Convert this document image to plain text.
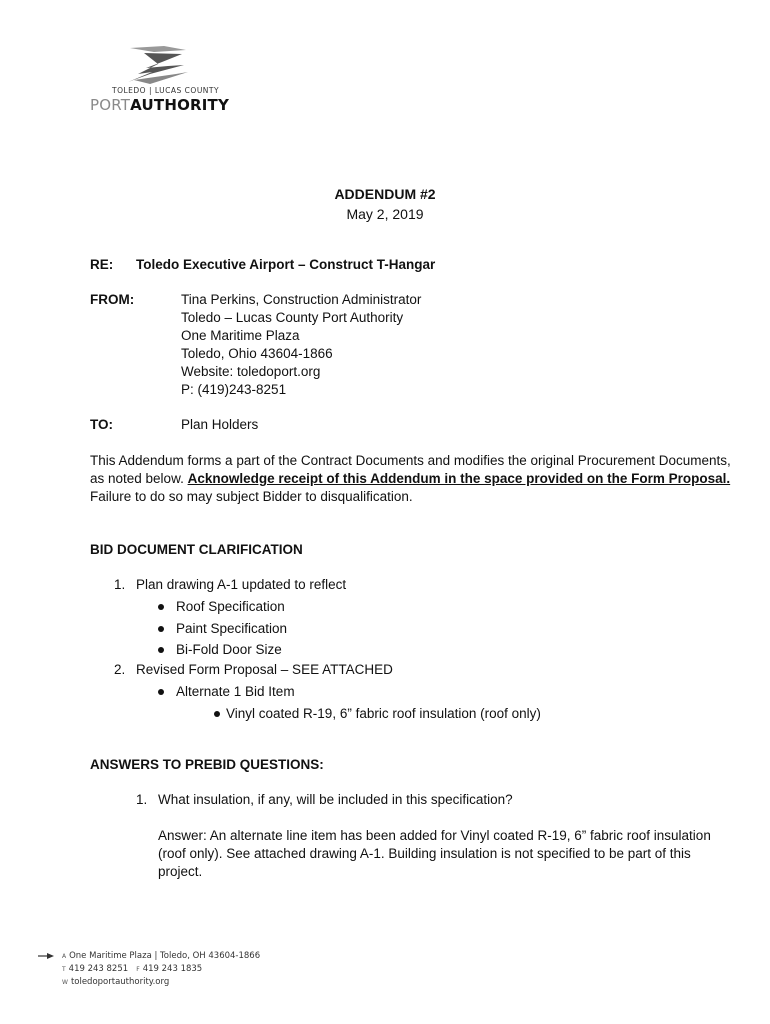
TOLEDO | LUCAS COUNTY
PORTAUTHORITY
ADDENDUM #2
May 2, 2019
RE: Toledo Executive Airport – Construct T-Hangar
FROM:	Tina Perkins, Construction Administrator
Toledo – Lucas County Port Authority
One Maritime Plaza
Toledo, Ohio 43604-1866
Website: toledoport.org
P: (419)243-8251
TO:	Plan Holders
This Addendum forms a part of the Contract Documents and modifies the original Procurement Documents,
as noted below. Acknowledge receipt of this Addendum in the space provided on the Form Proposal.
Failure to do so may subject Bidder to disqualification.
BID DOCUMENT CLARIFICATION
1. Plan drawing A-1 updated to reflect
Roof Specification
Paint Specification
Bi-Fold Door Size
2. Revised Form Proposal – SEE ATTACHED
Alternate 1 Bid Item
Vinyl coated R-19, 6” fabric roof insulation (roof only)
ANSWERS TO PREBID QUESTIONS:
1. What insulation, if any, will be included in this specification?
Answer: An alternate line item has been added for Vinyl coated R-19, 6” fabric roof insulation
(roof only). See attached drawing A-1. Building insulation is not specified to be part of this
project.
A One Maritime Plaza | Toledo, OH 43604-1866
T 419 243 8251 F 419 243 1835
W toledoportauthority.org
